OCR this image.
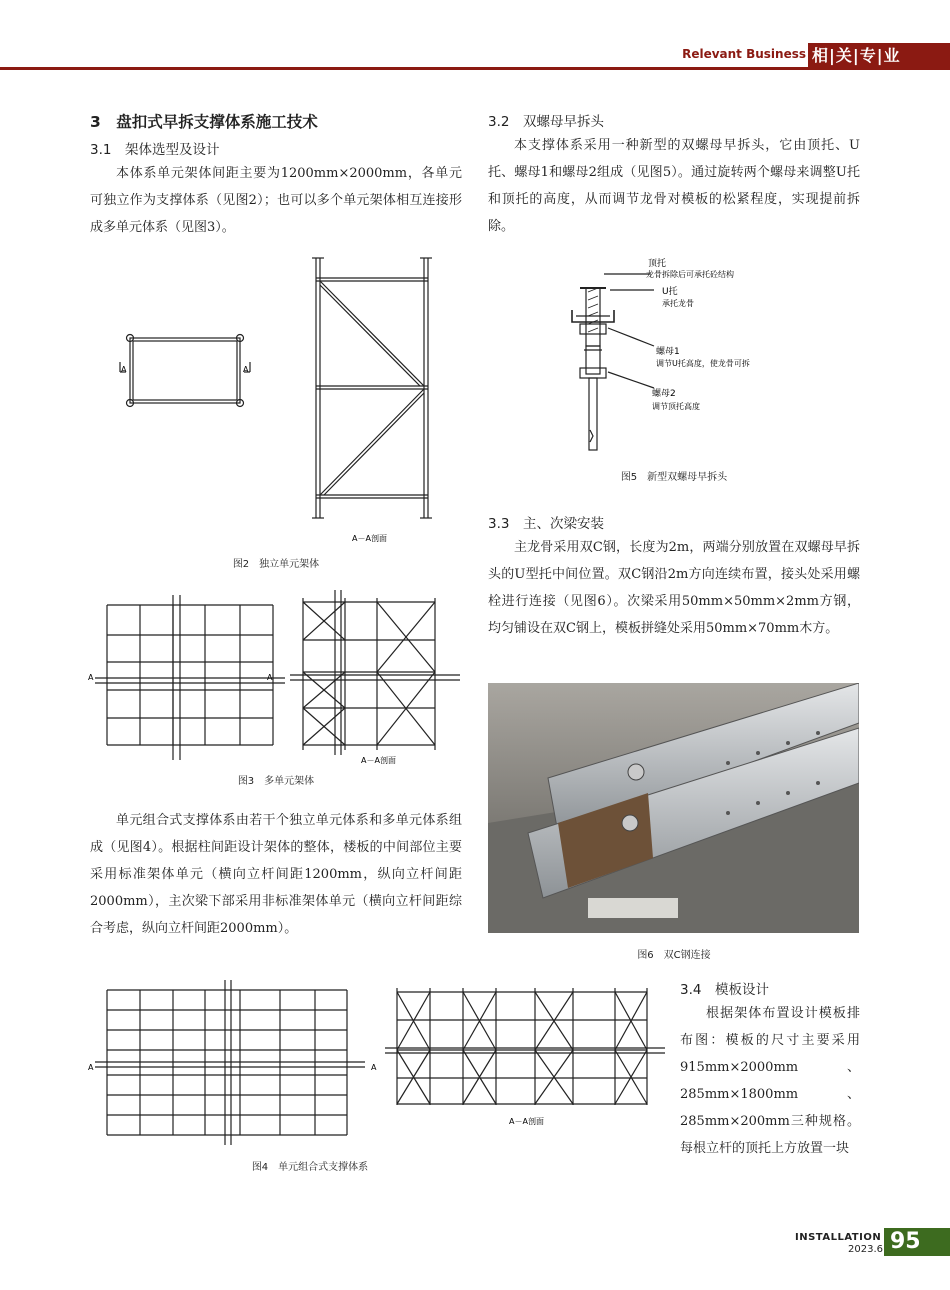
Relevant Business 相|关|专|业
3　盘扣式早拆支撑体系施工技术
3.1　架体选型及设计

本体系单元架体间距主要为1200mm×2000mm，各单元可独立作为支撑体系（见图2）；也可以多个单元架体相互连接形成多单元体系（见图3）。

A	A
A－A剖面
图2　独立单元架体
A	A
A－A剖面
图3　多单元架体

单元组合式支撑体系由若干个独立单元体系和多单元体系组成（见图4）。根据柱间距设计架体的整体，楼板的中间部位主要采用标准架体单元（横向立杆间距1200mm，纵向立杆间距2000mm），主次梁下部采用非标准架体单元（横向立杆间距综合考虑，纵向立杆间距2000mm）。

A	A
A－A剖面
图4　单元组合式支撑体系
3.2　双螺母早拆头

本支撑体系采用一种新型的双螺母早拆头，它由顶托、U托、螺母1和螺母2组成（见图5）。通过旋转两个螺母来调整U托和顶托的高度，从而调节龙骨对模板的松紧程度，实现提前拆除。

顶托
龙骨拆除后可承托砼结构
U托
承托龙骨
螺母1
调节U托高度，使龙骨可拆
螺母2
调节顶托高度
图5　新型双螺母早拆头
3.3　主、次梁安装

主龙骨采用双C钢，长度为2m，两端分别放置在双螺母早拆头的U型托中间位置。双C钢沿2m方向连续布置，接头处采用螺栓进行连接（见图6）。次梁采用50mm×50mm×2mm方钢，均匀铺设在双C钢上，模板拼缝处采用50mm×70mm木方。

图6　双C钢连接
3.4　模板设计

根据架体布置设计模板排布图：模板的尺寸主要采用915mm×2000mm、285mm×1800mm、285mm×200mm三种规格。每根立杆的顶托上方放置一块

INSTALLATION
2023.6 95
